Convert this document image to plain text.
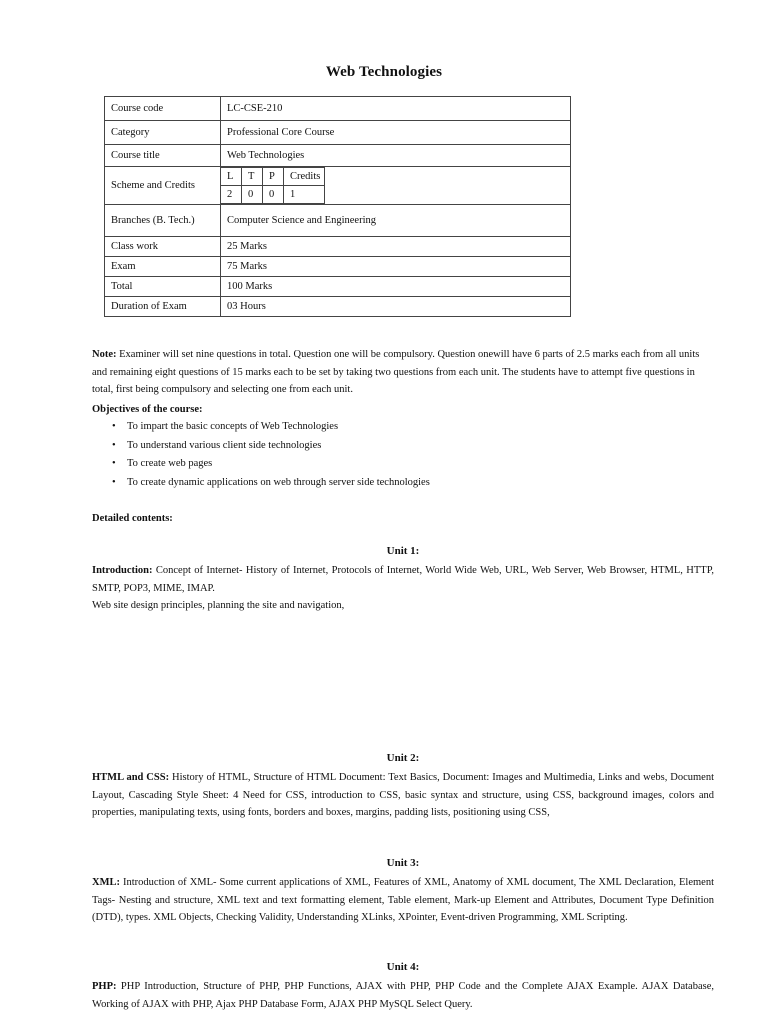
Web Technologies
Course code	LC-CSE-210
Category	Professional Core Course
Course title	Web Technologies
Scheme and Credits	
L	T	P	Credits
2	0	0	1

Branches (B. Tech.)	Computer Science and Engineering
Class work	25 Marks
Exam	75 Marks
Total	100 Marks
Duration of Exam	03 Hours
Note: Examiner will set nine questions in total. Question one will be compulsory. Question onewill have 6 parts of 2.5 marks each from all units and remaining eight questions of 15 marks each to be set by taking two questions from each unit. The students have to attempt five questions in total, first being compulsory and selecting one from each unit.
Objectives of the course:
• To impart the basic concepts of Web Technologies
• To understand various client side technologies
• To create web pages
• To create dynamic applications on web through server side technologies
Detailed contents:
Unit 1:
Introduction: Concept of Internet- History of Internet, Protocols of Internet, World Wide Web, URL, Web Server, Web Browser, HTML, HTTP, SMTP, POP3, MIME, IMAP.
Web site design principles, planning the site and navigation,
Unit 2:
HTML and CSS: History of HTML, Structure of HTML Document: Text Basics, Document: Images and Multimedia, Links and webs, Document Layout, Cascading Style Sheet: 4 Need for CSS, introduction to CSS, basic syntax and structure, using CSS, background images, colors and properties, manipulating texts, using fonts, borders and boxes, margins, padding lists, positioning using CSS,
Unit 3:
XML: Introduction of XML- Some current applications of XML, Features of XML, Anatomy of XML document, The XML Declaration, Element Tags- Nesting and structure, XML text and text formatting element, Table element, Mark-up Element and Attributes, Document Type Definition (DTD), types. XML Objects, Checking Validity, Understanding XLinks, XPointer, Event-driven Programming, XML Scripting.
Unit 4:
PHP: PHP Introduction, Structure of PHP, PHP Functions, AJAX with PHP, PHP Code and the Complete AJAX Example. AJAX Database, Working of AJAX with PHP, Ajax PHP Database Form, AJAX PHP MySQL Select Query.
